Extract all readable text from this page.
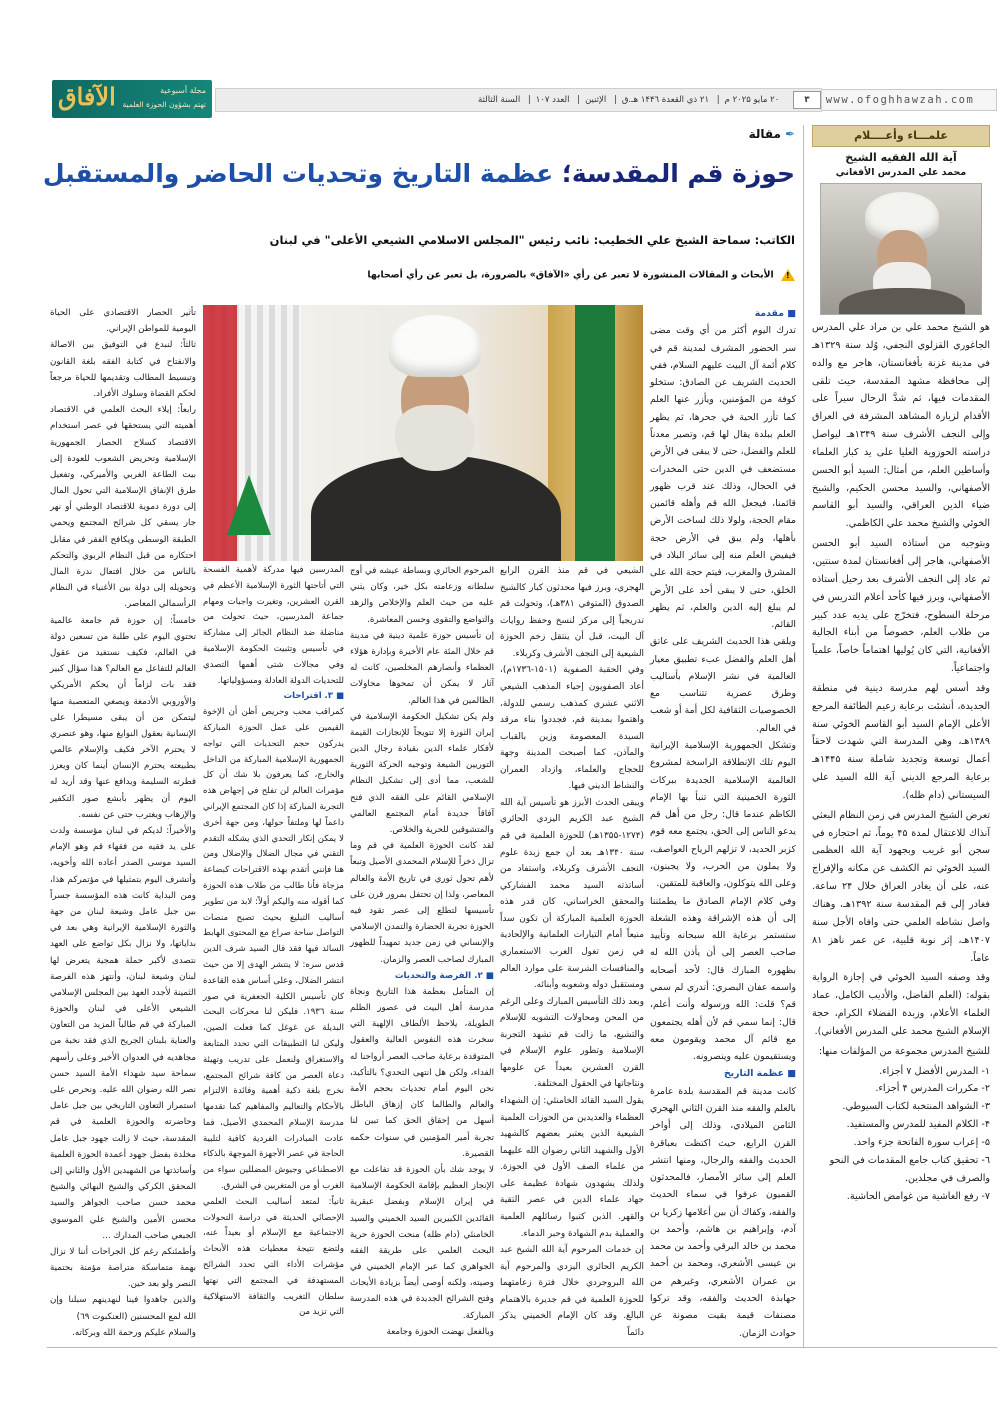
www.ofoghhawzah.com
۳ ۲۰ مايو ۲۰۲۵ م| ۲۱ ذي القعدة ۱۴۴٦ هـ.ق| الإثنين| العدد ۱۰۷| السنة الثالثة
الآفاق	مجلة أسبوعية
تهتم بشؤون الحوزة العلمية
علمـــاء وأعــــلام
آية الله الفقيه الشيخ
محمد علي المدرس الأفغاني

هو الشيخ محمد علي بن مراد علي المدرس الجاغوري القزلوي النجفي، وُلد سنة ۱۳۲۹هـ في مدينة غزنة بأفغانستان، هاجر مع والده إلى محافظة مشهد المقدسة، حيث تلقى المقدمات فيها، ثم شدَّ الرحال سيراً على الأقدام لزيارة المشاهد المشرفة في العراق وإلى النجف الأشرف سنة ۱۳۴۹هـ ليواصل دراسته الحوزوية العليا على يد كبار العلماء وأساطين العلم، من أمثال: السيد أبو الحسن الأصفهاني، والسيد محسن الحكيم، والشيخ ضياء الدين العراقي، والسيد أبو القاسم الخوئي والشيخ محمد علي الكاظمي.

وبتوجيه من أستاذه السيد أبو الحسن الأصفهاني، هاجر إلى أفغانستان لمدة سنتين، ثم عاد إلى النجف الأشرف بعد رحيل أستاذه الأصفهاني، وبرز فيها كأحد أعلام التدريس في مرحلة السطوح، فتخرّج على يديه عدد كبير من طلاب العلم، خصوصاً من أبناء الجالية الأفغانية، التي كان يُوليها اهتماماً خاصاً، علمياً واجتماعياً.

وقد أسس لهم مدرسة دينية في منطقة الجديدة، أنشئت برعاية زعيم الطائفة المرجع الأعلى الإمام السيد أبو القاسم الخوئي سنة ۱۳۸۹هـ، وهي المدرسة التي شهدت لاحقاً أعمال توسعة وتجديد شاملة سنة ۱۴۴۵هـ برعاية المرجع الديني آية الله السيد علي السيستاني (دام ظله).

تعرض الشيخ المدرس في زمن النظام البعثي آنذاك للاعتقال لمدة ۴۵ يوماً، ثم احتجازه في سجن أبو غريب وبجهود آية الله العظمى السيد الخوئي تم الكشف عن مكانه والإفراج عنه، على أن يغادر العراق خلال ۲۴ ساعة. فغادر إلى قم المقدسة سنة ۱۳۹۲هـ، وهناك واصل نشاطه العلمي حتى وافاه الأجل سنة ۱۴۰۷هـ، إثر نوبة قلبية، عن عمر ناهز ۸۱ عاماً.

وقد وصفه السيد الخوئي في إجازة الرواية بقوله: (العلم الفاضل، والأديب الكامل، عماد العلماء الأعلام، وزبدة الفضلاء الكرام، حجة الإسلام الشيخ محمد علي المدرس الأفغاني).

للشيخ المدرس مجموعة من المؤلفات منها:

۱- المدرس الأفضل ۷ أجزاء.
۲- مكررات المدرس ۴ أجزاء.
۳- الشواهد المنتخبة لكتاب السيوطي.
۴- الكلام المفيد للمدرس والمستفيد.
۵- إعراب سورة الفاتحة جزء واحد.
٦- تحقيق كتاب جامع المقدمات في النحو والصرف في مجلدين.
۷- رفع الغاشية من غوامض الحاشية.
✒مقالة
حوزة قم المقدسة؛ عظمة التاريخ وتحديات الحاضر والمستقبل
الكاتب: سماحة الشيخ علي الخطيب: نائب رئيس "المجلس الاسلامي الشيعي الأعلى" في لبنان
!
الأبحاث و المقالات المنشورة لا تعبر عن رأي «الآفاق» بالضرورة، بل تعبر عن رأي أصحابها

■ مقدمة

تدرك اليوم أكثر من أي وقت مضى سر الحضور المشرف لمدينة قم في كلام أئمة آل البيت عليهم السلام، ففي الحديث الشريف عن الصادق: ستخلو كوفة من المؤمنين، ويأزر عنها العلم كما تأزر الحية في جحرها، ثم يظهر العلم ببلدة يقال لها قم، وتصير معدناً للعلم والفضل، حتى لا يبقى في الأرض مستضعف في الدين حتى المخدرات في الحجال، وذلك عند قرب ظهور قائمنا، فيجعل الله قم وأهله قائمين مقام الحجة، ولولا ذلك لساخت الأرض بأهلها، ولم يبق في الأرض حجة فيفيض العلم منه إلى سائر البلاد في المشرق والمغرب، فيتم حجة الله على الخلق، حتى لا يبقى أحد على الأرض لم يبلغ إليه الدين والعلم، ثم يظهر القائم.

ويلقي هذا الحديث الشريف على عاتق أهل العلم والفضل عبء تطبيق معيار العالمية في نشر الإسلام بأساليب وطرق عصرية تتناسب مع الخصوصيات الثقافية لكل أمة أو شعب في العالم.

وتشكل الجمهورية الإسلامية الإيرانية اليوم تلك الإنطلاقة الراسخة لمشروع العالمية الإسلامية الجديدة ببركات الثورة الخمينية التي تنبأ بها الإمام الكاظم عندما قال: رجل من أهل قم يدعو الناس إلى الحق، يجتمع معه قوم كزبر الحديد، لا تزلهم الرياح العواصف، ولا يملون من الحرب، ولا يجبنون، وعلى الله يتوكلون، والعاقبة للمتقين.

وفي كلام الإمام الصادق ما يطمئننا إلى أن هذه الإشراقة وهذه الشعلة ستستمر برعاية الله سبحانه وتأييد صاحب العصر إلى أن يأذن الله له بظهوره المبارك قال: لأحد أصحابه واسمه عفان البصري: أتدري لم سمي قم؟ قلت: الله ورسوله وأنت أعلم، قال: إنما سمي قم لأن أهله يجتمعون مع قائم آل محمد ويقومون معه ويستقيمون عليه وينصرونه.

■ عظمة التاريخ

كانت مدينة قم المقدسة بلدة عامرة بالعلم والفقه منذ القرن الثاني الهجري الثامن الميلادي، وذلك إلى أواخر القرن الرابع، حيث اكتظت بعباقرة الحديث والفقه والرجال، ومنها انتشر العلم إلى سائر الأمصار، فالمحدثون القميون عرفوا في سماء الحديث والفقه، وكفاك أن بين أعلامها زكريا بن آدم، وإبراهيم بن هاشم، وأحمد بن محمد بن خالد البرقي وأحمد بن محمد بن عيسى الأشعري، ومحمد بن أحمد بن عمران الأشعري، وغيرهم من جهابذة الحديث والفقه، وقد تركوا مصنفات قيمة بقيت مصونة عن حوادث الزمان.

الشيعي في قم منذ القرن الرابع الهجري، وبرز فيها محدثون كبار كالشيخ الصدوق (المتوفي ۳۸۱هـ)، وتحولت قم تدريجياً إلى مركز لنسخ وحفظ روايات آل البيت، قبل أن ينتقل زخم الحوزة الشيعية إلى النجف الأشرف وكربلاء.

وفي الحقبة الصفوية (۱۵۰۱-۱۷۳٦م)، أعاد الصفويون إحياء المذهب الشيعي الاثني عشري كمذهب رسمي للدولة، واهتموا بمدينة قم، فجددوا بناء مرقد السيدة المعصومة وزين بالقباب والمآذن، كما أصبحت المدينة وجهة للحجاج والعلماء، وازداد العمران والنشاط الديني فيها.

ويبقى الحدث الأبرز هو تأسيس آية الله الشيخ عبد الكريم اليزدي الحائري (۱۲۷۴-۱۳۵۵هـ) للحوزة العلمية في قم سنة ۱۳۴۰هـ بعد أن جمع زبدة علوم النجف الأشرف وكربلاء، واستفاد من أساتذته السيد محمد الفشاركي والمحقق الخراساني، كان قدر هذه الحوزة العلمية المباركة أن تكون سداً منيعاً أمام التيارات العلمانية والإلحادية في زمن تغول الغرب الاستعماري والمنافسات الشرسة على موارد العالم ومستقبل دوله وشعوبه وأبنائه.

وبعد ذلك التأسيس المبارك وعلى الرغم من المحن ومحاولات التشويه للإسلام والتشيع، ما زالت قم تشهد التجربة الإسلامية وتطور علوم الإسلام في القرن العشرين بعيداً عن علومها ونتاجاتها في الحقول المختلفة.

يقول السيد القائد الخامنئي: إن الشهداء العظماء والعديدين من الحوزات العلمية الشيعية الذين يعتبر بعضهم كالشهيد الأول والشهيد الثاني رضوان الله عليهما من علماء الصف الأول في الحوزة. ولذلك يشهدون شهادة عظيمة على جهاد علماء الدين في عصر التقية والقهر. الذين كتبوا رسائلهم العلمية والعملية بدم الشهادة وحبر الدماء.

إن خدمات المرحوم آية الله الشيخ عبد الكريم الحائري اليزدي والمرحوم آية الله البروجردي خلال فترة زعامتهما للحوزة العلمية في قم جديرة بالاهتمام البالغ. وقد كان الإمام الخميني يذكر دائماً

المرحوم الحائري وبساطة عيشه في أوج سلطانه وزعامته بكل خير، وكان يثني عليه من حيث العلم والإخلاص والزهد والتواضع والتقوى وحسن المعاشرة.

إن تأسيس حوزة علمية دينية في مدينة قم خلال المئة عام الأخيرة وبإدارة هؤلاء العظماء وأنصارهم المخلصين، كانت له آثار لا يمكن أن تمحوها محاولات الظالمين في هذا العالم.

ولم يكن تشكيل الحكومة الإسلامية في إيران الثورة إلا تتويجاً للإنجازات القيمة لأفكار علماء الدين بقيادة رجال الدين التوريين الشيعة وتوجيه الحركة الثورية للشعب، مما أدى إلى تشكيل النظام الإسلامي القائم على الفقه الذي فتح آفاقاً جديدة أمام المجتمع العالمي والمتشوقين للحرية والخلاص.

لقد كانت الحوزة العلمية في قم وما تزال ذخراً للإسلام المحمدي الأصيل وتبعاً لأهم تحول ثوري في تاريخ الأمة والعالم المعاصر، ولذا إن تحتفل بمرور قرن على تأسيسها لتطلع إلى عصر تقود فيه الحوزة تجربة الحضارة والتمدن الإسلامي والإنساني في زمن جديد تمهيداً للظهور المبارك لصاحب العصر والزمان.

■ ۲. الفرصة والتحديات

إن المتأمل بعظمة هذا التاريخ ونجاة مدرسة أهل البيت في عصور الظلم الطويلة، يلاحظ الألطاف الإلهية التي سخرت هذه النفوس العالية والعقول المتوقدة برعاية صاحب العصر أرواحنا له الفداء، ولكن هل انتهى التحدي؟ بالتأكيد، نحن اليوم أمام تحديات بحجم الأمة والعالم والطالما كان إزهاق الباطل أسهل من إحقاق الحق كما تبين لنا تجربة أمير المؤمنين في سنوات حكمه القصيرة.

لا يوجد شك بأن الحوزة قد تفاعلت مع الإنجاز العظيم بإقامة الحكومة الإسلامية في إيران الإسلام وبفضل عبقرية القائدين الكبيرين السيد الخميني والسيد الخامنئي (دام ظله) منحت الحوزة حرية البحث العلمي على طريقة الفقه الجواهري كما عبر الإمام الخميني في وصيته، ولكنه أوصى أيضاً بزيادة الأبحاث وفتح الشرائح الجديدة في هذه المدرسة المباركة.

وبالفعل نهضت الحوزة وجامعة

المدرسين فيها مدركة لأهمية الفسحة التي أتاحتها الثورة الإسلامية الأعظم في القرن العشرين، وتغيرت واجبات ومهام جماعة المدرسين، حيث تحولت من مناضلة ضد النظام الجائر إلى مشاركة في تأسيس وتثبيت الحكومة الإسلامية وفي مجالات شتى أهمها التصدي للتحديات الدولة العادلة ومسؤولياتها.

■ ۳. اقتراحات

كمراقب محب وحريص أظن أن الإخوة القيمين على عمل الحوزة المباركة يدركون حجم التحديات التي تواجه الجمهورية الإسلامية المباركة من الداخل والخارج، كما يعرفون بلا شك أن كل مؤمرات العالم لن تفلح في إجهاض هذه التجربة المباركة إذا كان المجتمع الإيراني داعماً لها وملتفاً حولها، ومن جهة أخرى لا يمكن إنكار التحدي الذي يشكله التقدم التقني في مجال الضلال والإضلال ومن هنا فإنني أتقدم بهذه الاقتراحات كبضاعة مزجاة فأنا طالب من طلاب هذه الحوزة كما أقوله منه واليكم أولاً: لابد من تطوير أساليب التبليغ بحيث تصبح منصات التواصل ساحة صراع مع المحتوى الهابط السائد فيها فقد قال السيد شرف الدين قدس سره: لا ينتشر الهدى إلا من حيث انتشر الضلال، وعلى أساس هذه القاعدة كان تأسيس الكلية الجعفرية في صور سنة ۱۹۳٦. فليكن لنا محركات البحث البديلة عن غوغل كما فعلت الصين، وليكن لنا التطبيقات التي تحدد المتابعة والاستغراق ولنعمل على تدريب وتهيئة دعاة العصر من كافة شرائح المجتمع، نخرج بلغة ذكية أهمية وفائدة الالتزام بالأحكام والتعاليم والمفاهيم كما تقدمها مدرسة الإسلام المحمدي الأصيل، فما عادت المبادرات الفردية كافية لتلبية الحاجة في عصر الأجهزة الموجهة بالذكاء الاصطناعي وجيوش المضللين سواء من الغرب أو من المتغربين في الشرق.

ثانياً: لمتعد أساليب البحث العلمي الإحصائي الحديثة في دراسة التحولات الاجتماعية مع الإسلام أو بعيداً عنه، ولتضع نتيجة معطيات هذه الأبحاث مؤشرات الأداء التي تحدد الشرائح المستهدفة في المجتمع التي نهتها سلطان التغريب والثقافة الاستهلاكية التي تزيد من

تأثير الحصار الاقتصادي على الحياة اليومية للمواطن الإيراني.

ثالثاً: لنبدع في التوفيق بين الاصالة والانفتاح في كتابة الفقه بلغة القانون وتبسيط المطالب وتقديمها للحياة مرجعاً لحكم القضاة وسلوك الأفراد.

رابعاً: إيلاء البحث العلمي في الاقتصاد أهميته التي يستحقها في عصر استخدام الاقتصاد كسلاح الحصار الجمهورية الإسلامية وتحريض الشعوب للعودة إلى بيت الطاعة الغربي والأميركي، وتفعيل طرق الإنفاق الإسلامية التي تحول المال إلى دورة دموية للاقتصاد الوطني أو نهر جار يسقي كل شرائح المجتمع ويحمي الطبقة الوسطى ويكافح الفقر في مقابل احتكاره من قبل النظام الربوي والتحكم بالناس من خلال افتعال ندرة المال وتحويله إلى دولة بين الأغنياء في النظام الرأسمالي المعاصر.

خامساً: إن حوزة قم جامعة عالمية تحتوي اليوم على طلبة من تسعين دولة في العالم، فكيف نستفيد من عقول العالم للتفاعل مع العالم؟ هذا سؤال كبير فقد بات لزاماً أن يحكم الأمريكي والأوروبي الأدمغة ويصغي المتعصبة منها ليتمكن من أن يبقى مسيطرا على الإنسانية بعقول النوايغ منها، وهو عنصري لا يحترم الآخر فكيف والإسلام عالمي بطبيعته يحترم الإنسان أينما كان ويعزز فطرته السليمة ويدافع عنها وقد أريد له اليوم أن يظهر بأبشع صور التكفير والإرهاب ويغترب حتى عن نفسه.

والأخيراً: لديكم في لبنان مؤسسة ولدت على يد فقيه من فقهاء قم وهو الإمام السيد موسى الصدر أعاده الله وأخويه، وأتشرف اليوم بتمثيلها في مؤتمركم هذا، ومن البداية كانت هذه المؤسسة جسراً بين جبل عامل وشيعة لبنان من جهة والثورة الإسلامية الإيرانية وهي بعد في بداياتها، ولا نزال بكل تواضع على العهد نتصدى لأكبر حملة همجية يتعرض لها لبنان وشيعة لبنان، وأنتهز هذه الفرصة الثمينة لأجدد العهد بين المجلس الإسلامي الشيعي الأعلى في لبنان والحوزة المباركة في قم طالباً المزيد من التعاون والعناية بلبنان الجريح الذي فقد نخبة من مجاهديه في العدوان الأخير وعلى رأسهم سماحة سيد شهداء الأمة السيد حسن نصر الله رضوان الله عليه. ونحرص على استمرار التعاون التاريخي بين جبل عامل وحاضرته والحوزة العلمية في قم المقدسة، حيث لا زالت جهود جبل عامل مخلدة بفضل جهود أعمدة الحوزة العلمية وأساتذتها من الشهيدين الأول والثاني إلى المحقق الكركي والشيخ البهائي والشيخ محمد حسن صاحب الجواهر والسيد محسن الأمين والشيخ علي الموسوي الجبعي صاحب المدارك ...

وأطمئنكم رغم كل الجراحات أننا لا نزال بهمة متماسكة متراصة مؤمنة بحتمية النصر ولو بعد حين.

والذين جاهدوا فينا لنهدينهم سبلنا وإن الله لمع المحسنين (العنكبوت ٦۹)

والسلام عليكم ورحمة الله وبركاته.
